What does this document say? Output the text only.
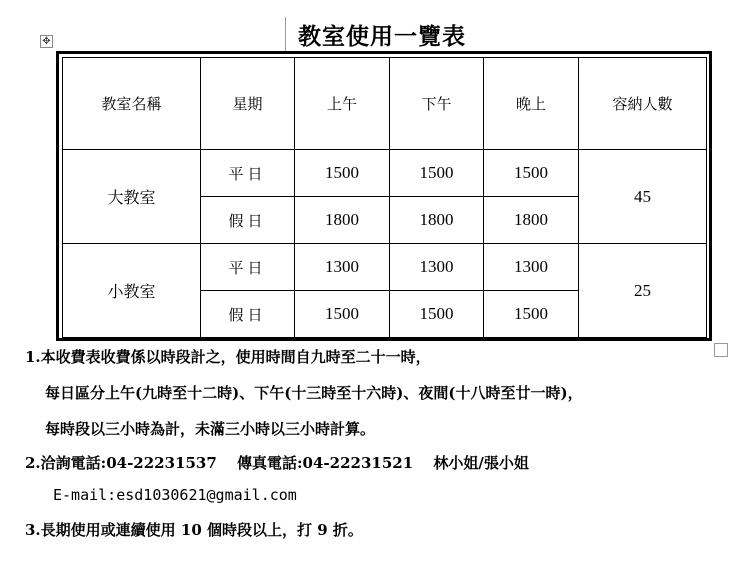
教室使用一覽表
✥
教室名稱	星期	上午	下午	晚上	容納人數
大教室	平日	1500	1500	1500	45
	假日	1800	1800	1800	
小教室	平日	1300	1300	1300	25
	假日	1500	1500	1500	
1.本收費表收費係以時段計之，使用時間自九時至二十一時，
每日區分上午(九時至十二時)、下午(十三時至十六時)、夜間(十八時至廿一時)，
每時段以三小時為計，未滿三小時以三小時計算。
2.洽詢電話:04-22231537　 傳真電話:04-22231521　 林小姐/張小姐
E-mail:esd1030621@gmail.com
3.長期使用或連續使用 10 個時段以上，打 9 折。
